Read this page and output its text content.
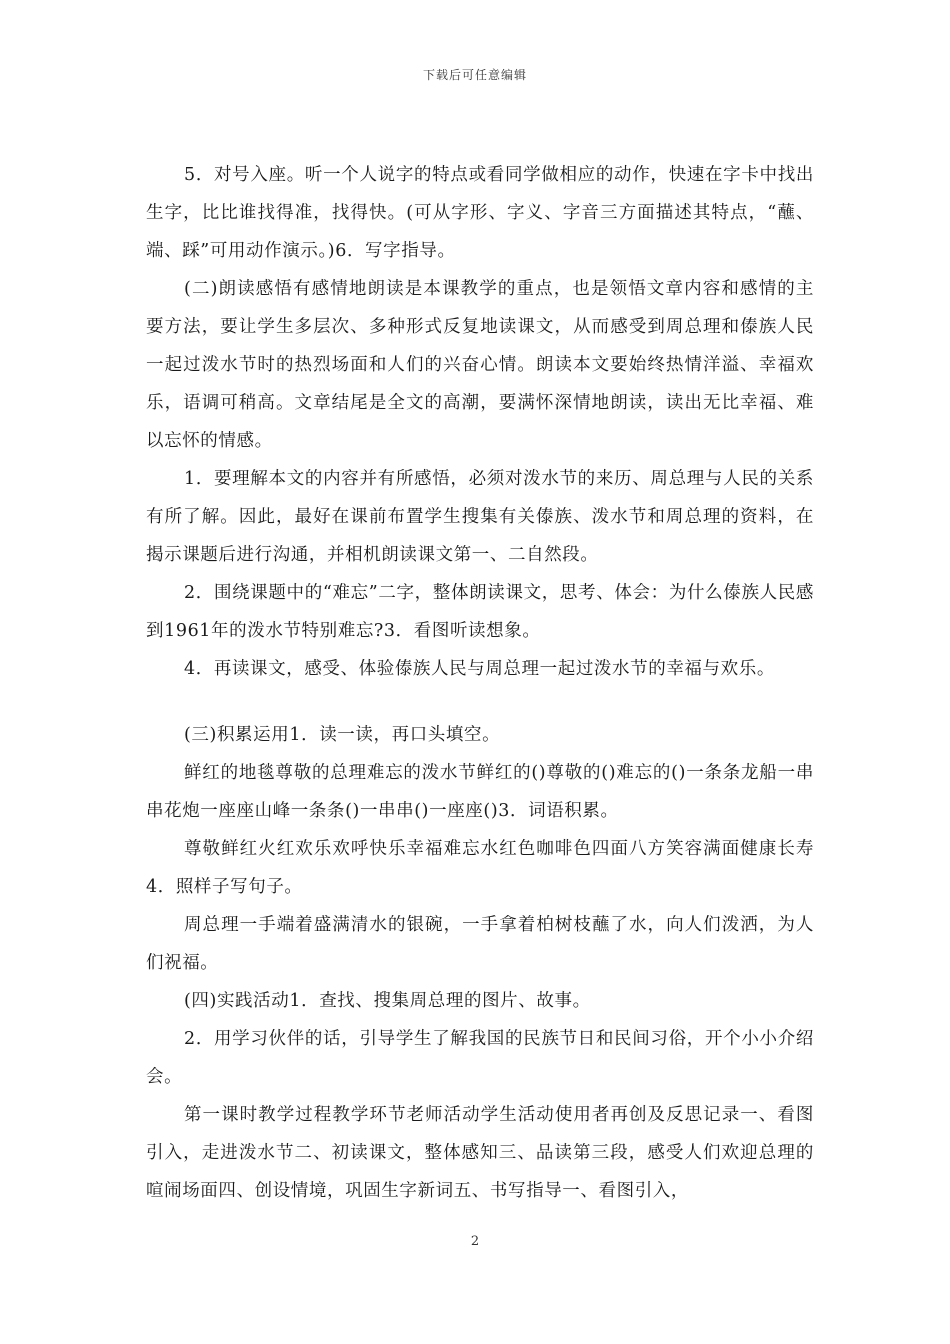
下载后可任意编辑

5．对号入座。听一个人说字的特点或看同学做相应的动作，快速在字卡中找出生字，比比谁找得准，找得快。(可从字形、字义、字音三方面描述其特点，“蘸、端、踩”可用动作演示。)6．写字指导。

(二)朗读感悟有感情地朗读是本课教学的重点，也是领悟文章内容和感情的主要方法，要让学生多层次、多种形式反复地读课文，从而感受到周总理和傣族人民一起过泼水节时的热烈场面和人们的兴奋心情。朗读本文要始终热情洋溢、幸福欢乐，语调可稍高。文章结尾是全文的高潮，要满怀深情地朗读，读出无比幸福、难以忘怀的情感。

1．要理解本文的内容并有所感悟，必须对泼水节的来历、周总理与人民的关系有所了解。因此，最好在课前布置学生搜集有关傣族、泼水节和周总理的资料，在揭示课题后进行沟通，并相机朗读课文第一、二自然段。

2．围绕课题中的“难忘”二字，整体朗读课文，思考、体会：为什么傣族人民感到1961年的泼水节特别难忘?3．看图听读想象。

4．再读课文，感受、体验傣族人民与周总理一起过泼水节的幸福与欢乐。

(三)积累运用1．读一读，再口头填空。

鲜红的地毯尊敬的总理难忘的泼水节鲜红的()尊敬的()难忘的()一条条龙船一串串花炮一座座山峰一条条()一串串()一座座()3．词语积累。

尊敬鲜红火红欢乐欢呼快乐幸福难忘水红色咖啡色四面八方笑容满面健康长寿4．照样子写句子。

周总理一手端着盛满清水的银碗，一手拿着柏树枝蘸了水，向人们泼洒，为人们祝福。

(四)实践活动1．查找、搜集周总理的图片、故事。

2．用学习伙伴的话，引导学生了解我国的民族节日和民间习俗，开个小小介绍会。

第一课时教学过程教学环节老师活动学生活动使用者再创及反思记录一、看图引入，走进泼水节二、初读课文，整体感知三、品读第三段，感受人们欢迎总理的喧闹场面四、创设情境，巩固生字新词五、书写指导一、看图引入，

2
